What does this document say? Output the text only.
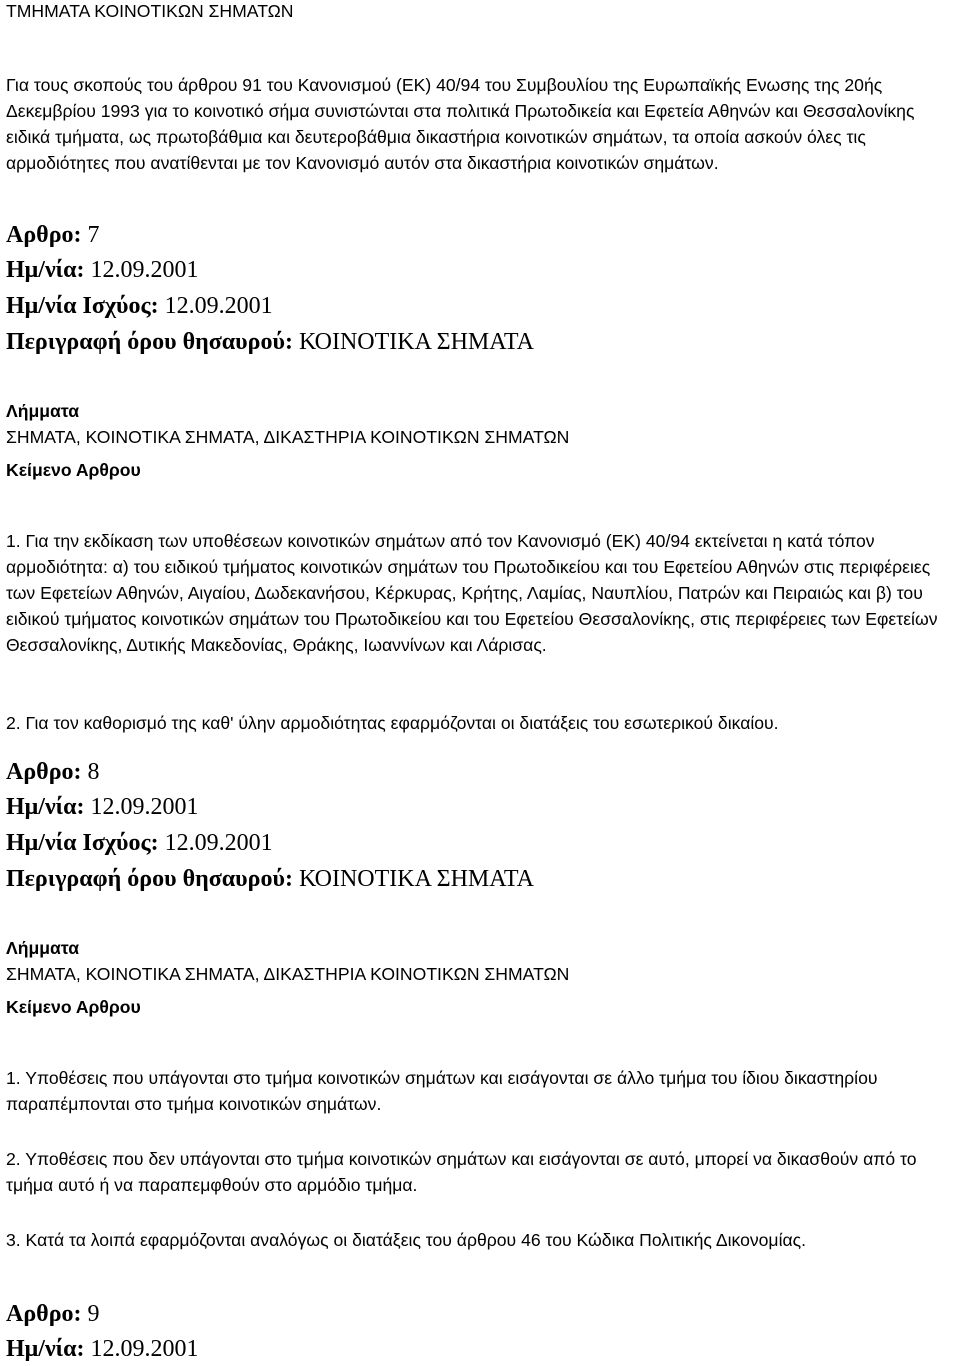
ΤΜΗΜΑΤΑ ΚΟΙΝΟΤΙΚΩΝ ΣΗΜΑΤΩΝ

Για τους σκοπούς του άρθρου 91 του Κανονισμού (ΕΚ) 40/94 του Συμβουλίου της Ευρωπαϊκής Ενωσης της 20ής Δεκεμβρίου 1993 για το κοινοτικό σήμα συνιστώνται στα πολιτικά Πρωτοδικεία και Εφετεία Αθηνών και Θεσσαλονίκης ειδικά τμήματα, ως πρωτοβάθμια και δευτεροβάθμια δικαστήρια κοινοτικών σημάτων, τα οποία ασκούν όλες τις αρμοδιότητες που ανατίθενται με τον Κανονισμό αυτόν στα δικαστήρια κοινοτικών σημάτων.

Αρθρο: 7
Ημ/νία: 12.09.2001
Ημ/νία Ισχύος: 12.09.2001
Περιγραφή όρου θησαυρού: ΚΟΙΝΟΤΙΚΑ ΣΗΜΑΤΑ
Λήμματα
ΣΗΜΑΤΑ, ΚΟΙΝΟΤΙΚΑ ΣΗΜΑΤΑ, ΔΙΚΑΣΤΗΡΙΑ ΚΟΙΝΟΤΙΚΩΝ ΣΗΜΑΤΩΝ
Κείμενο Αρθρου

1. Για την εκδίκαση των υποθέσεων κοινοτικών σημάτων από τον Κανονισμό (ΕΚ) 40/94 εκτείνεται η κατά τόπον αρμοδιότητα: α) του ειδικού τμήματος κοινοτικών σημάτων του Πρωτοδικείου και του Εφετείου Αθηνών στις περιφέρειες των Εφετείων Αθηνών, Αιγαίου, Δωδεκανήσου, Κέρκυρας, Κρήτης, Λαμίας, Ναυπλίου, Πατρών και Πειραιώς και β) του ειδικού τμήματος κοινοτικών σημάτων του Πρωτοδικείου και του Εφετείου Θεσσαλονίκης, στις περιφέρειες των Εφετείων Θεσσαλονίκης, Δυτικής Μακεδονίας, Θράκης, Ιωαννίνων και Λάρισας.

2. Για τον καθορισμό της καθ' ύλην αρμοδιότητας εφαρμόζονται οι διατάξεις του εσωτερικού δικαίου.

Αρθρο: 8
Ημ/νία: 12.09.2001
Ημ/νία Ισχύος: 12.09.2001
Περιγραφή όρου θησαυρού: ΚΟΙΝΟΤΙΚΑ ΣΗΜΑΤΑ
Λήμματα
ΣΗΜΑΤΑ, ΚΟΙΝΟΤΙΚΑ ΣΗΜΑΤΑ, ΔΙΚΑΣΤΗΡΙΑ ΚΟΙΝΟΤΙΚΩΝ ΣΗΜΑΤΩΝ
Κείμενο Αρθρου

1. Υποθέσεις που υπάγονται στο τμήμα κοινοτικών σημάτων και εισάγονται σε άλλο τμήμα του ίδιου δικαστηρίου παραπέμπονται στο τμήμα κοινοτικών σημάτων.

2. Υποθέσεις που δεν υπάγονται στο τμήμα κοινοτικών σημάτων και εισάγονται σε αυτό, μπορεί να δικασθούν από το τμήμα αυτό ή να παραπεμφθούν στο αρμόδιο τμήμα.

3. Κατά τα λοιπά εφαρμόζονται αναλόγως οι διατάξεις του άρθρου 46 του Κώδικα Πολιτικής Δικονομίας.

Αρθρο: 9
Ημ/νία: 12.09.2001
